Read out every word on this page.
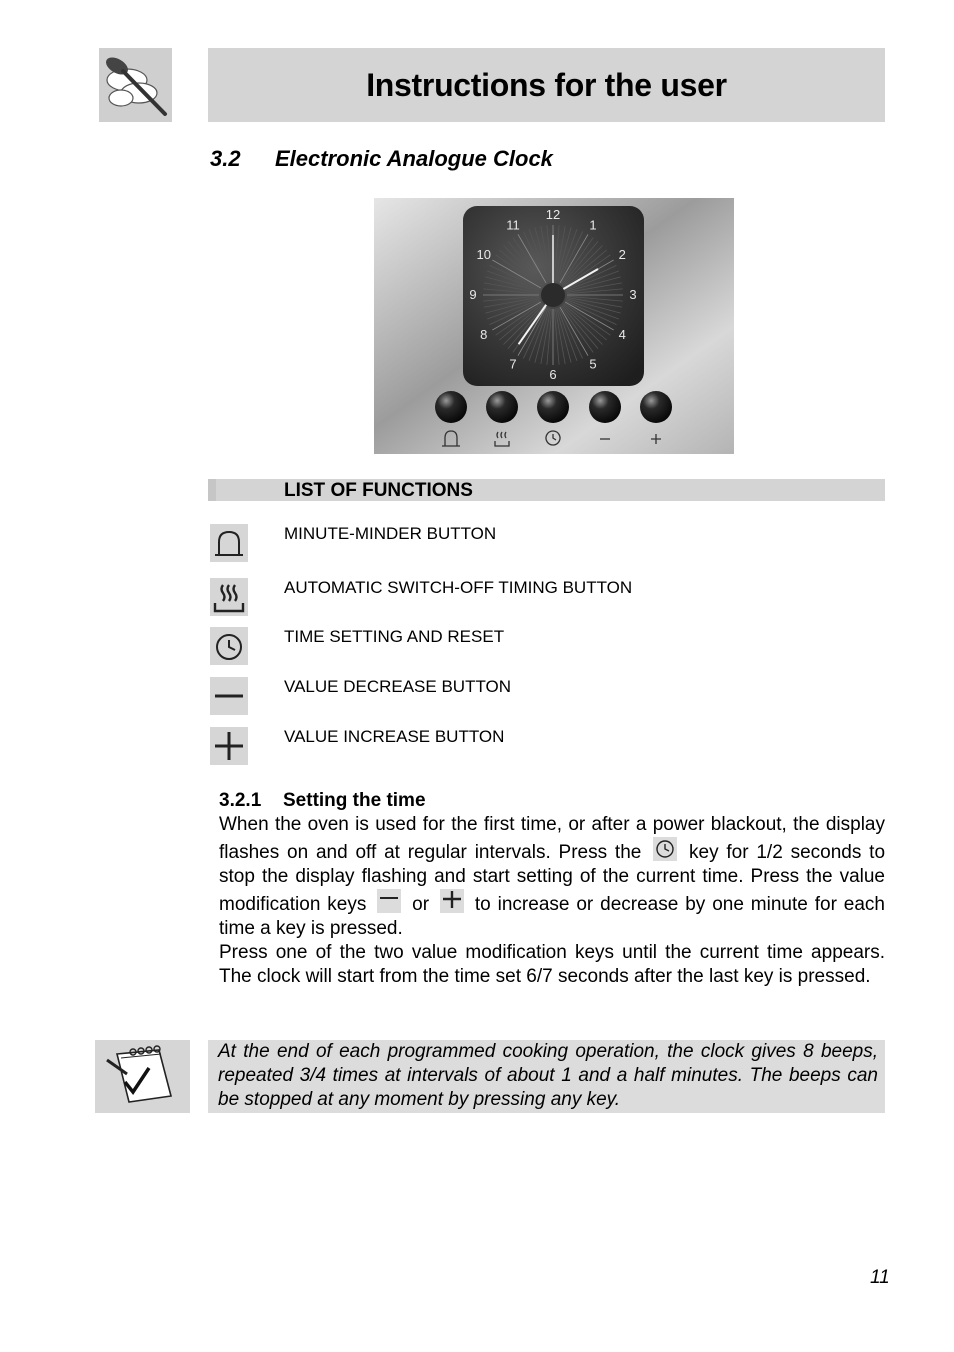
Instructions for the user
3.2 Electronic Analogue Clock
12
1
2
3
4
5
6
7
8
9
10
11
LIST OF FUNCTIONS
MINUTE-MINDER BUTTON
AUTOMATIC SWITCH-OFF TIMING BUTTON
TIME SETTING AND RESET
VALUE DECREASE BUTTON
VALUE INCREASE BUTTON
3.2.1 Setting the time
When the oven is used for the first time, or after a power blackout, the display flashes on and off at regular intervals. Press the	key for 1/2 seconds to stop the display flashing and start setting of the current time. Press the value modification keys or to increase or decrease by one minute for each time a key is pressed.
Press one of the two value modification keys until the current time appears. The clock will start from the time set 6/7 seconds after the last key is pressed.
At the end of each programmed cooking operation, the clock gives 8 beeps, repeated 3/4 times at intervals of about 1 and a half minutes. The beeps can be stopped at any moment by pressing any key.
11
